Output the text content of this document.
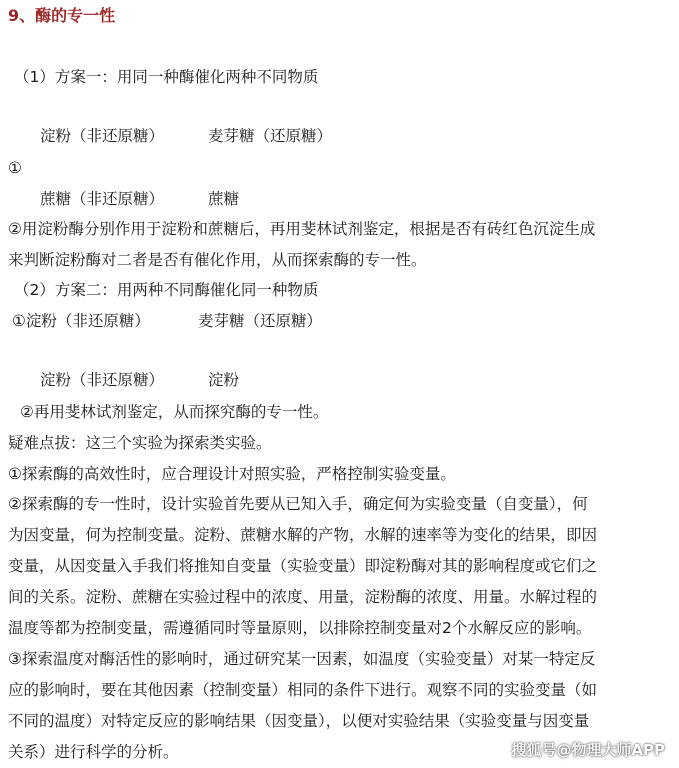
9、酶的专一性
（1）方案一：用同一种酶催化两种不同物质
淀粉（非还原糖）	麦芽糖（还原糖）
①
蔗糖（非还原糖）	蔗糖
②用淀粉酶分别作用于淀粉和蔗糖后，再用斐林试剂鉴定，根据是否有砖红色沉淀生成
来判断淀粉酶对二者是否有催化作用，从而探索酶的专一性。
（2）方案二：用两种不同酶催化同一种物质
①淀粉（非还原糖）	麦芽糖（还原糖）
淀粉（非还原糖）	淀粉
②再用斐林试剂鉴定，从而探究酶的专一性。
疑难点拔：这三个实验为探索类实验。
①探索酶的高效性时，应合理设计对照实验，严格控制实验变量。
②探索酶的专一性时，设计实验首先要从已知入手，确定何为实验变量（自变量），何
为因变量，何为控制变量。淀粉、蔗糖水解的产物，水解的速率等为变化的结果，即因
变量，从因变量入手我们将推知自变量（实验变量）即淀粉酶对其的影响程度或它们之
间的关系。淀粉、蔗糖在实验过程中的浓度、用量，淀粉酶的浓度、用量。水解过程的
温度等都为控制变量，需遵循同时等量原则，以排除控制变量对2个水解反应的影响。
③探索温度对酶活性的影响时，通过研究某一因素，如温度（实验变量）对某一特定反
应的影响时，要在其他因素（控制变量）相同的条件下进行。观察不同的实验变量（如
不同的温度）对特定反应的影响结果（因变量），以便对实验结果（实验变量与因变量
关系）进行科学的分析。	搜狐号@物理大师APP
